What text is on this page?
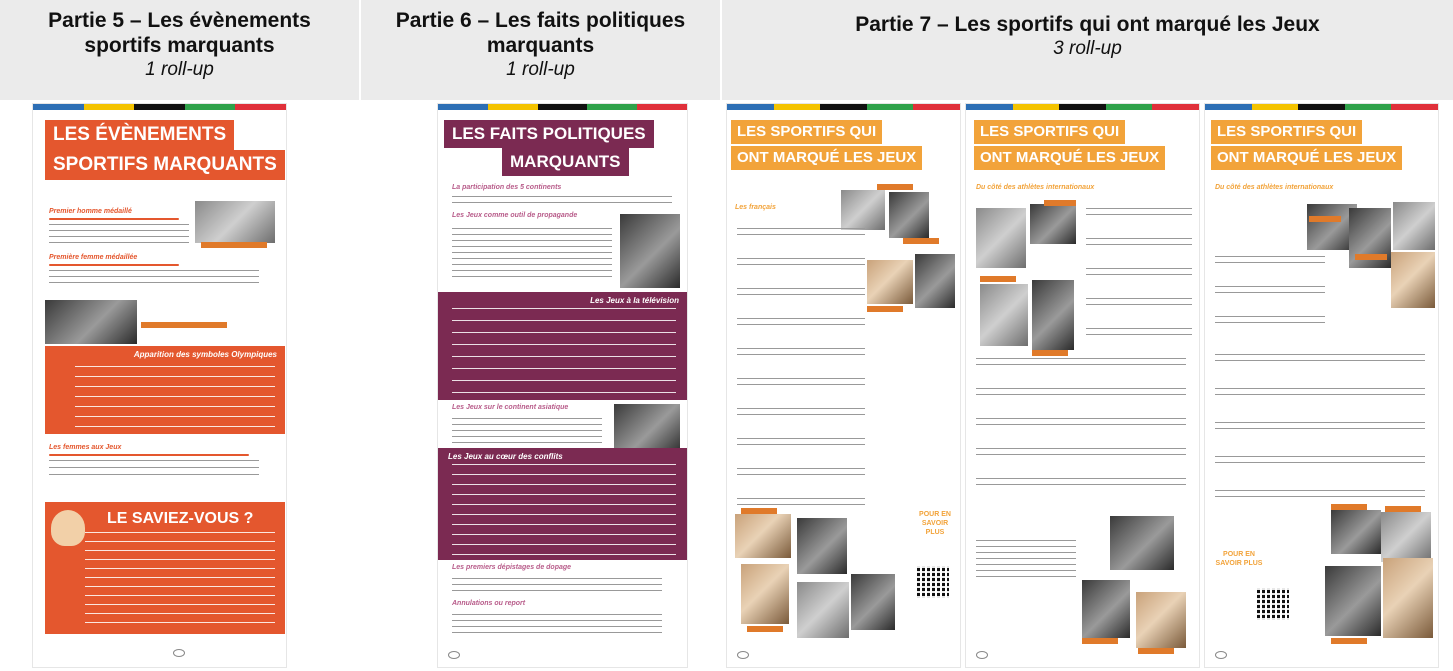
Partie 5 – Les évènements
sportifs marquants
1 roll-up
Partie 6 – Les faits politiques
marquants
1 roll-up
Partie 7 – Les sportifs qui ont marqué les Jeux
3 roll-up
LES ÉVÈNEMENTS
SPORTIFS MARQUANTS
Premier homme médaillé
Première femme médaillée
Apparition des symboles Olympiques
Les femmes aux Jeux
LE SAVIEZ-VOUS ?
LES FAITS POLITIQUES
MARQUANTS
La participation des 5 continents
Les Jeux comme outil de propagande
Les Jeux à la télévision
Les Jeux sur le continent asiatique
Les Jeux au cœur des conflits
Les premiers dépistages de dopage
Annulations ou report
LES SPORTIFS QUI
ONT MARQUÉ LES JEUX
Les français
POUR EN SAVOIR PLUS
LES SPORTIFS QUI
ONT MARQUÉ LES JEUX
Du côté des athlètes internationaux
LES SPORTIFS QUI
ONT MARQUÉ LES JEUX
Du côté des athlètes internationaux
POUR EN SAVOIR PLUS
